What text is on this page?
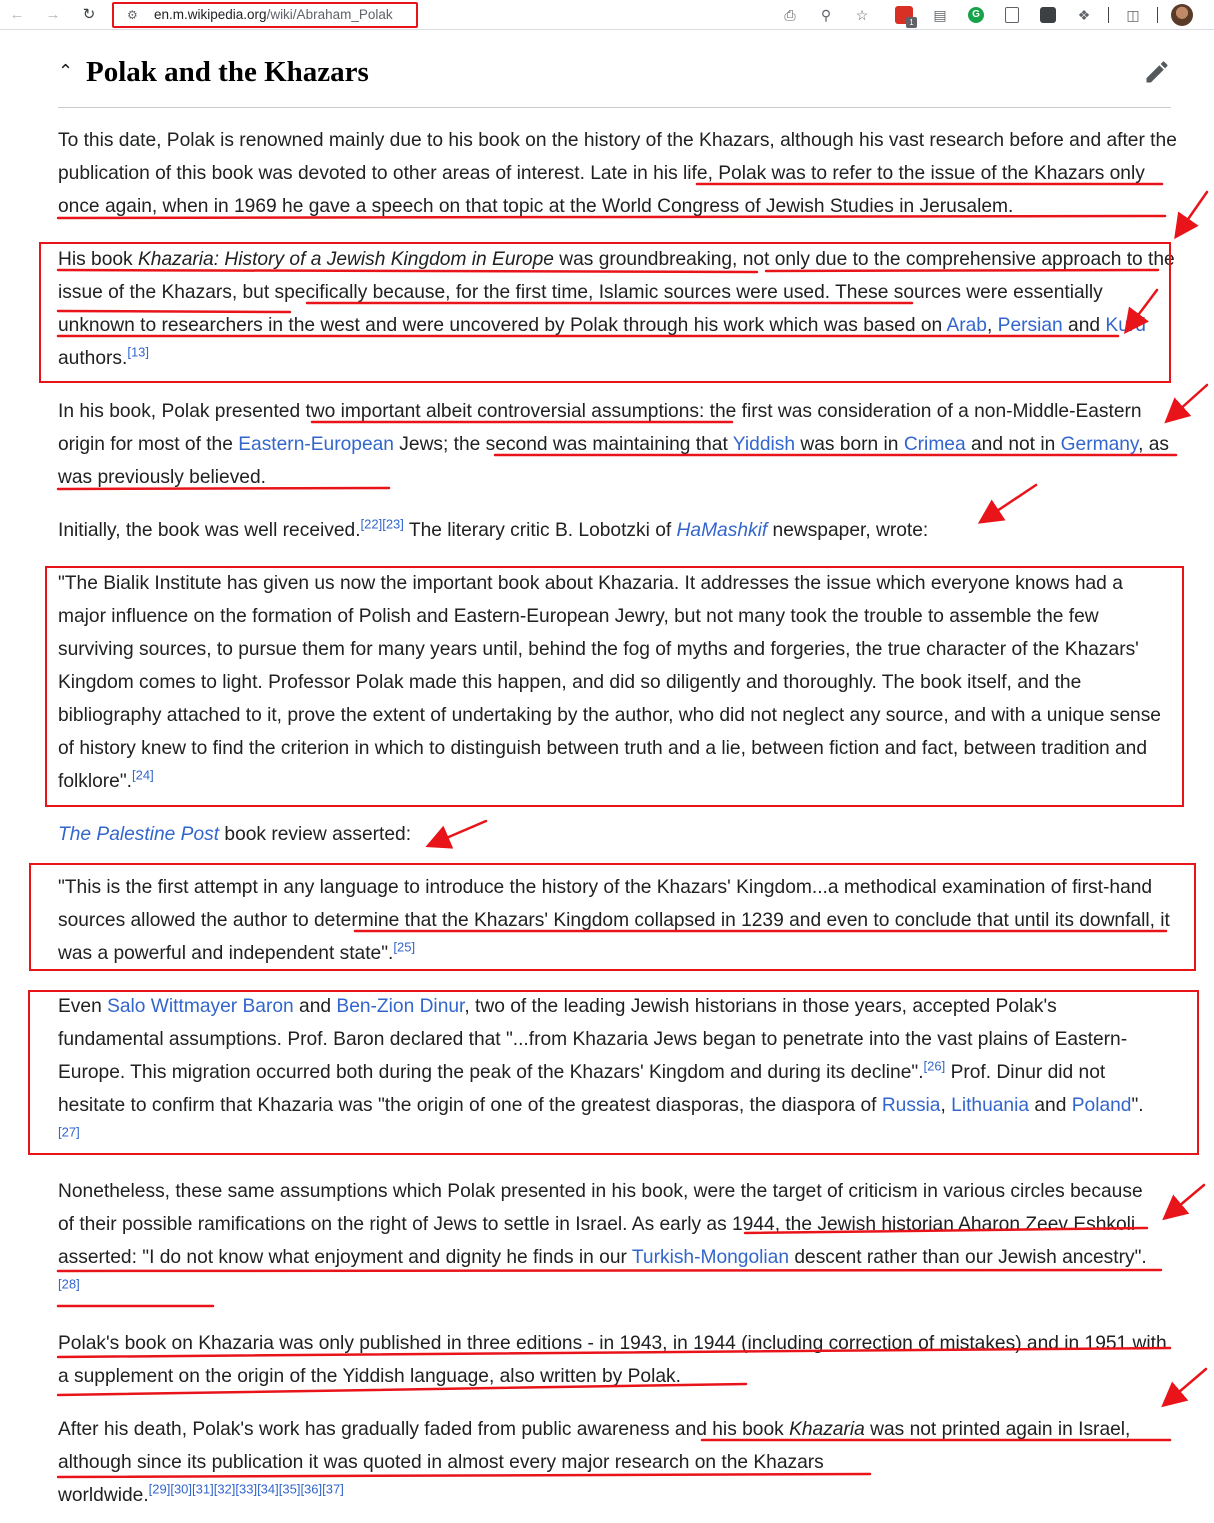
← →	↻	⚙ en.m.wikipedia.org/wiki/Abraham_Polak	⎙	⚲	☆	1	▤	G	❖	◫
⌃ Polak and the Khazars

To this date, Polak is renowned mainly due to his book on the history of the Khazars, although his vast research before and after the publication of this book was devoted to other areas of interest. Late in his life, Polak was to refer to the issue of the Khazars only once again, when in 1969 he gave a speech on that topic at the World Congress of Jewish Studies in Jerusalem.

His book Khazaria: History of a Jewish Kingdom in Europe was groundbreaking, not only due to the comprehensive approach to the issue of the Khazars, but specifically because, for the first time, Islamic sources were used. These sources were essentially unknown to researchers in the west and were uncovered by Polak through his work which was based on Arab, Persian and Kurd authors.[13]

In his book, Polak presented two important albeit controversial assumptions: the first was consideration of a non-Middle-Eastern origin for most of the Eastern-European Jews; the second was maintaining that Yiddish was born in Crimea and not in Germany, as was previously believed.

Initially, the book was well received.[22][23] The literary critic B. Lobotzki of HaMashkif newspaper, wrote:

"The Bialik Institute has given us now the important book about Khazaria. It addresses the issue which everyone knows had a major influence on the formation of Polish and Eastern-European Jewry, but not many took the trouble to assemble the few surviving sources, to pursue them for many years until, behind the fog of myths and forgeries, the true character of the Khazars' Kingdom comes to light. Professor Polak made this happen, and did so diligently and thoroughly. The book itself, and the bibliography attached to it, prove the extent of undertaking by the author, who did not neglect any source, and with a unique sense of history knew to find the criterion in which to distinguish between truth and a lie, between fiction and fact, between tradition and folklore".[24]

The Palestine Post book review asserted:

"This is the first attempt in any language to introduce the history of the Khazars' Kingdom...a methodical examination of first-hand sources allowed the author to determine that the Khazars' Kingdom collapsed in 1239 and even to conclude that until its downfall, it was a powerful and independent state".[25]

Even Salo Wittmayer Baron and Ben-Zion Dinur, two of the leading Jewish historians in those years, accepted Polak's fundamental assumptions. Prof. Baron declared that "...from Khazaria Jews began to penetrate into the vast plains of Eastern-Europe. This migration occurred both during the peak of the Khazars' Kingdom and during its decline".[26] Prof. Dinur did not hesitate to confirm that Khazaria was "the origin of one of the greatest diasporas, the diaspora of Russia, Lithuania and Poland".[27]

Nonetheless, these same assumptions which Polak presented in his book, were the target of criticism in various circles because of their possible ramifications on the right of Jews to settle in Israel. As early as 1944, the Jewish historian Aharon Zeev Eshkoli asserted: "I do not know what enjoyment and dignity he finds in our Turkish-Mongolian descent rather than our Jewish ancestry".[28]

Polak's book on Khazaria was only published in three editions - in 1943, in 1944 (including correction of mistakes) and in 1951 with a supplement on the origin of the Yiddish language, also written by Polak.

After his death, Polak's work has gradually faded from public awareness and his book Khazaria was not printed again in Israel, although since its publication it was quoted in almost every major research on the Khazars
worldwide.[29][30][31][32][33][34][35][36][37]
